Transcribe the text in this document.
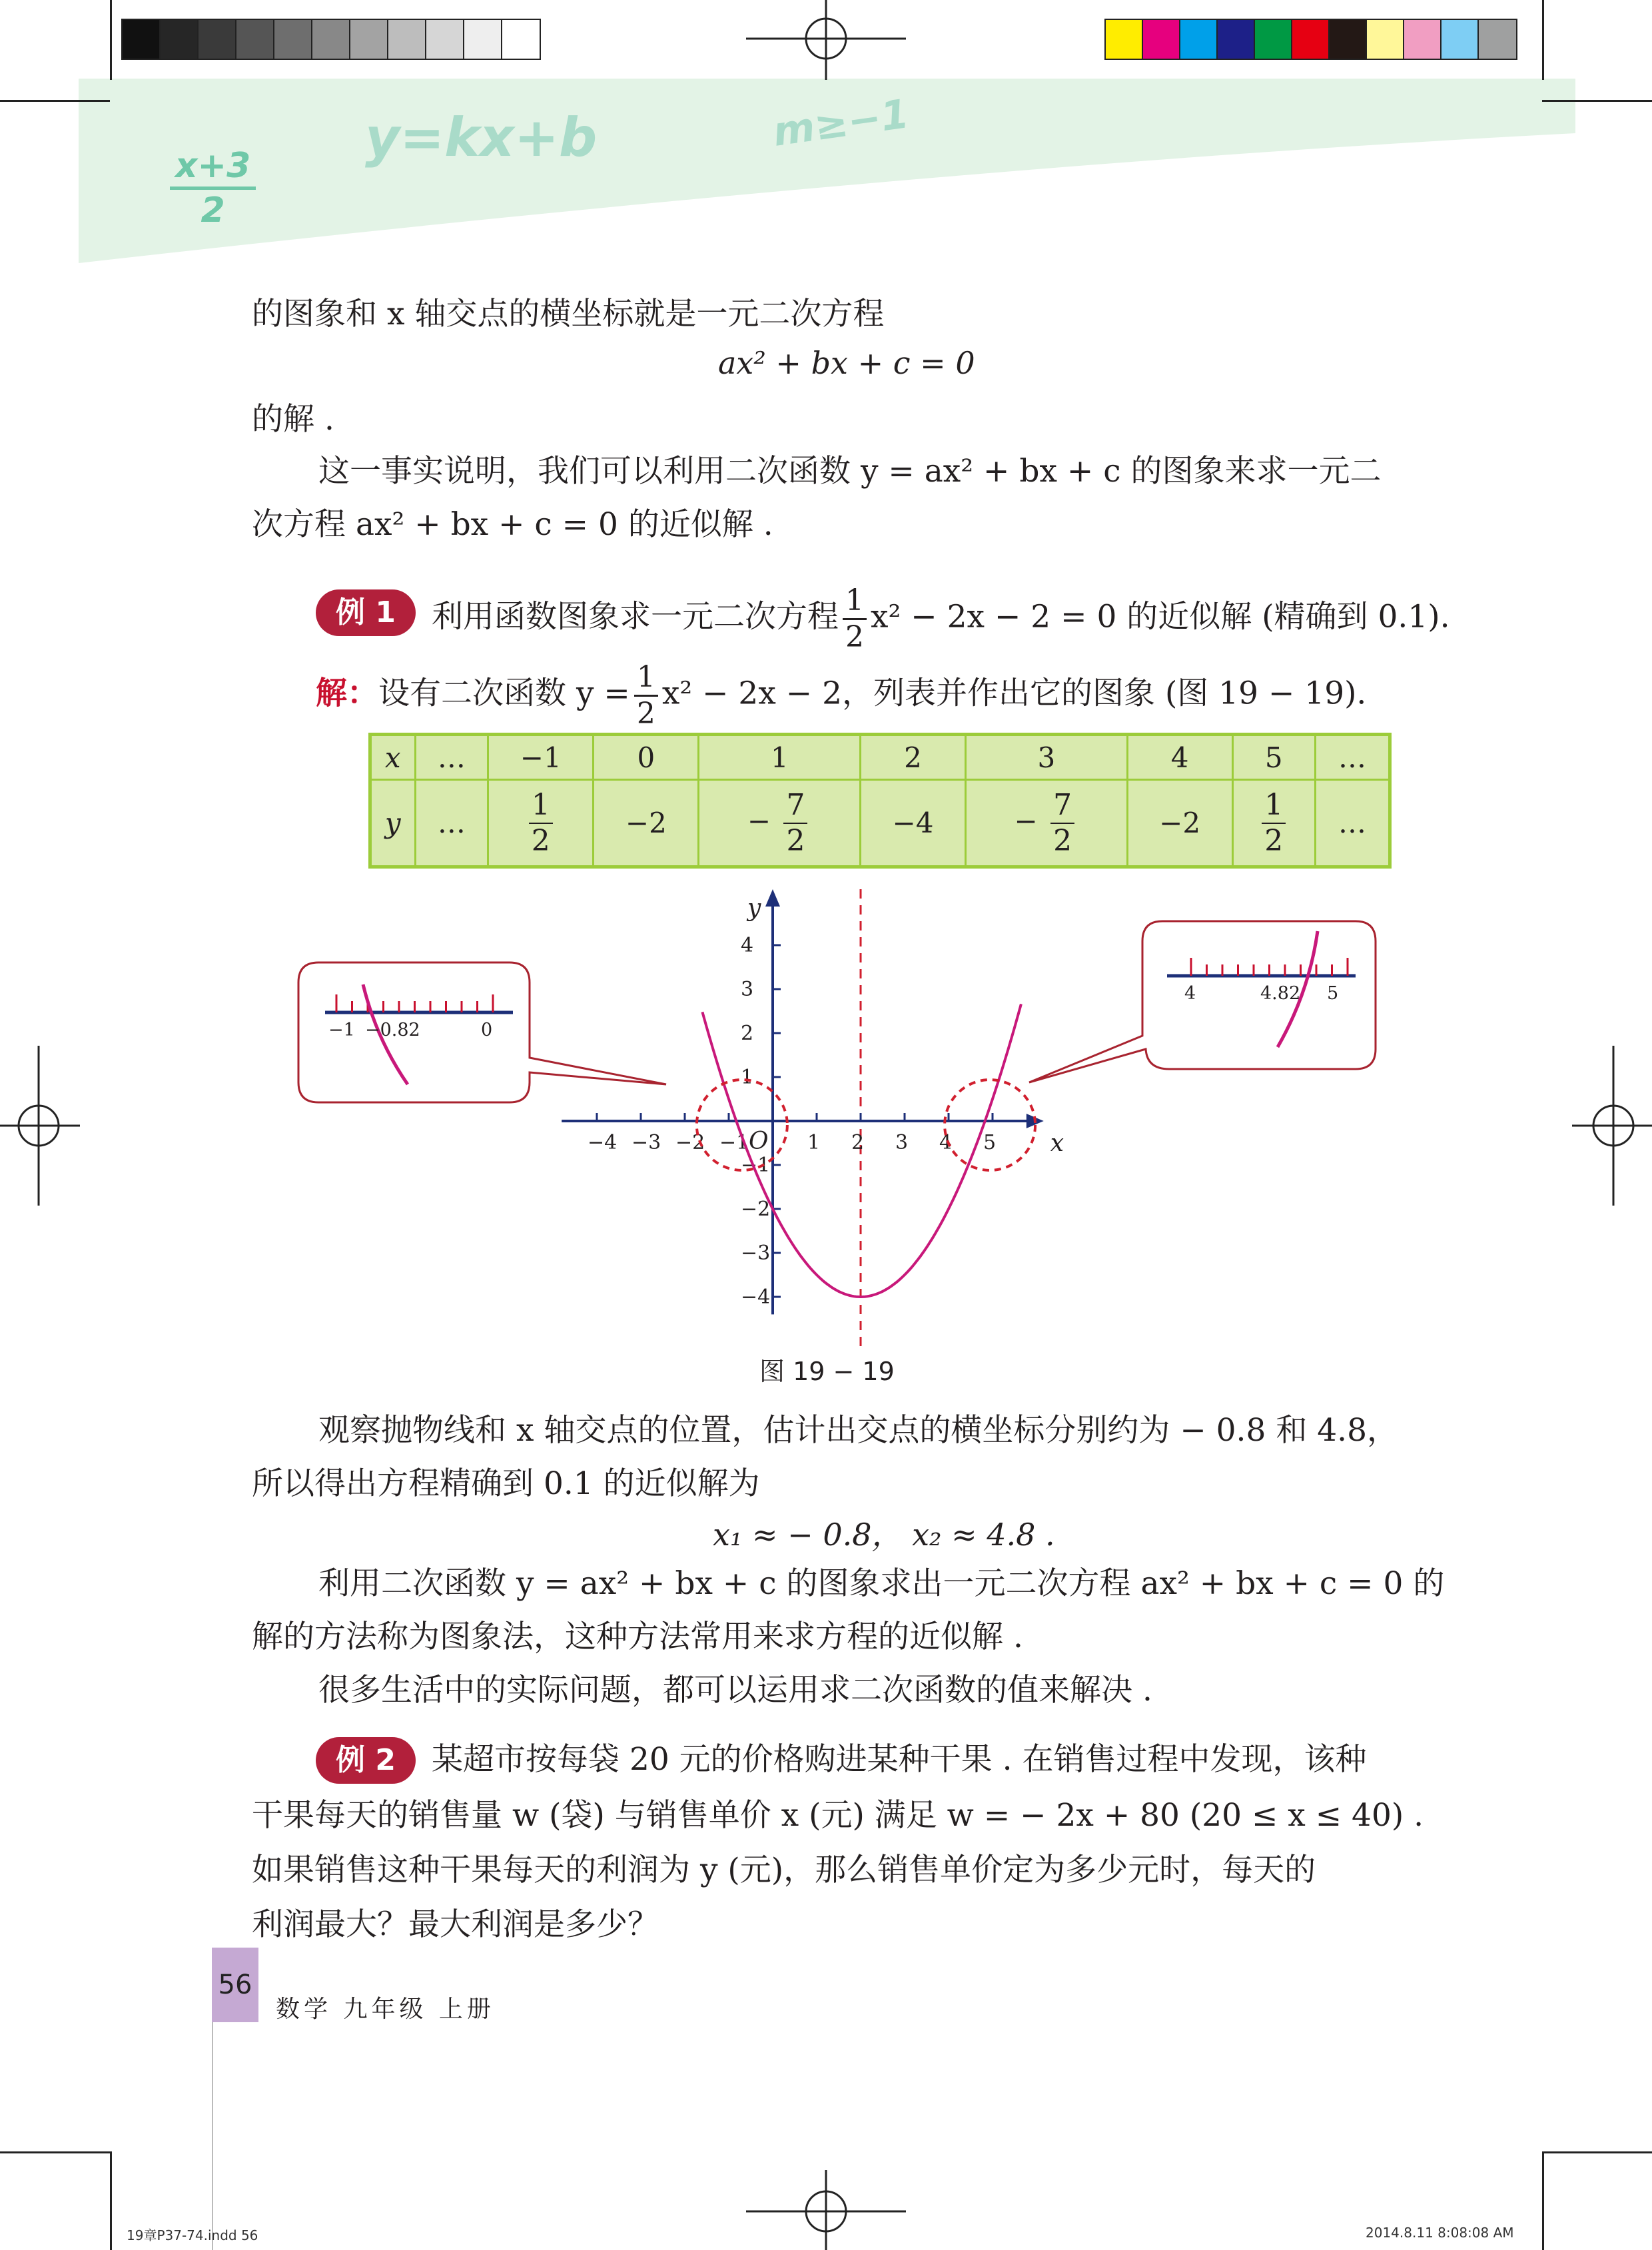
x+3
2
y=kx+b	m≥−1
的图象和 x 轴交点的横坐标就是一元二次方程
ax² + bx + c = 0
的解 .
这一事实说明，我们可以利用二次函数 y = ax² + bx + c 的图象来求一元二
次方程 ax² + bx + c = 0 的近似解 .
例 1	利用函数图象求一元二次方程 $\frac{1}{2} x^2 - 2x - 2 = 0$ 的近似解 (精确到 0.1).
解：设有二次函数 $y = \frac{1}{2} x^2 - 2x - 2$，列表并作出它的图象 (图 19 − 19).
x	…	−1	0	1	2	3	4	5	…
y	…	$\frac{1}{2}$	−2	− $\frac{7}{2}$	−4	− $\frac{7}{2}$	−2	$\frac{1}{2}$	…
x
y
O
−4 −3 −2 −1	1 2 3 4 5
4
3
2
1
−1
−2
−3
−4
−1 −0.82	0
4	4.82 5
图 19 − 19
观察抛物线和 x 轴交点的位置，估计出交点的横坐标分别约为 − 0.8 和 4.8，
所以得出方程精确到 0.1 的近似解为
x₁ ≈ − 0.8， x₂ ≈ 4.8 .
利用二次函数 y = ax² + bx + c 的图象求出一元二次方程 ax² + bx + c = 0 的
解的方法称为图象法，这种方法常用来求方程的近似解 .
很多生活中的实际问题，都可以运用求二次函数的值来解决 .
例 2	某超市按每袋 20 元的价格购进某种干果 . 在销售过程中发现，该种
干果每天的销售量 w (袋) 与销售单价 x (元) 满足 w = − 2x + 80 (20 ≤ x ≤ 40) .
如果销售这种干果每天的利润为 y (元)，那么销售单价定为多少元时，每天的
利润最大？最大利润是多少？
56
数学 九年级 上册
19章P37-74.indd 56	2014.8.11 8:08:08 AM
